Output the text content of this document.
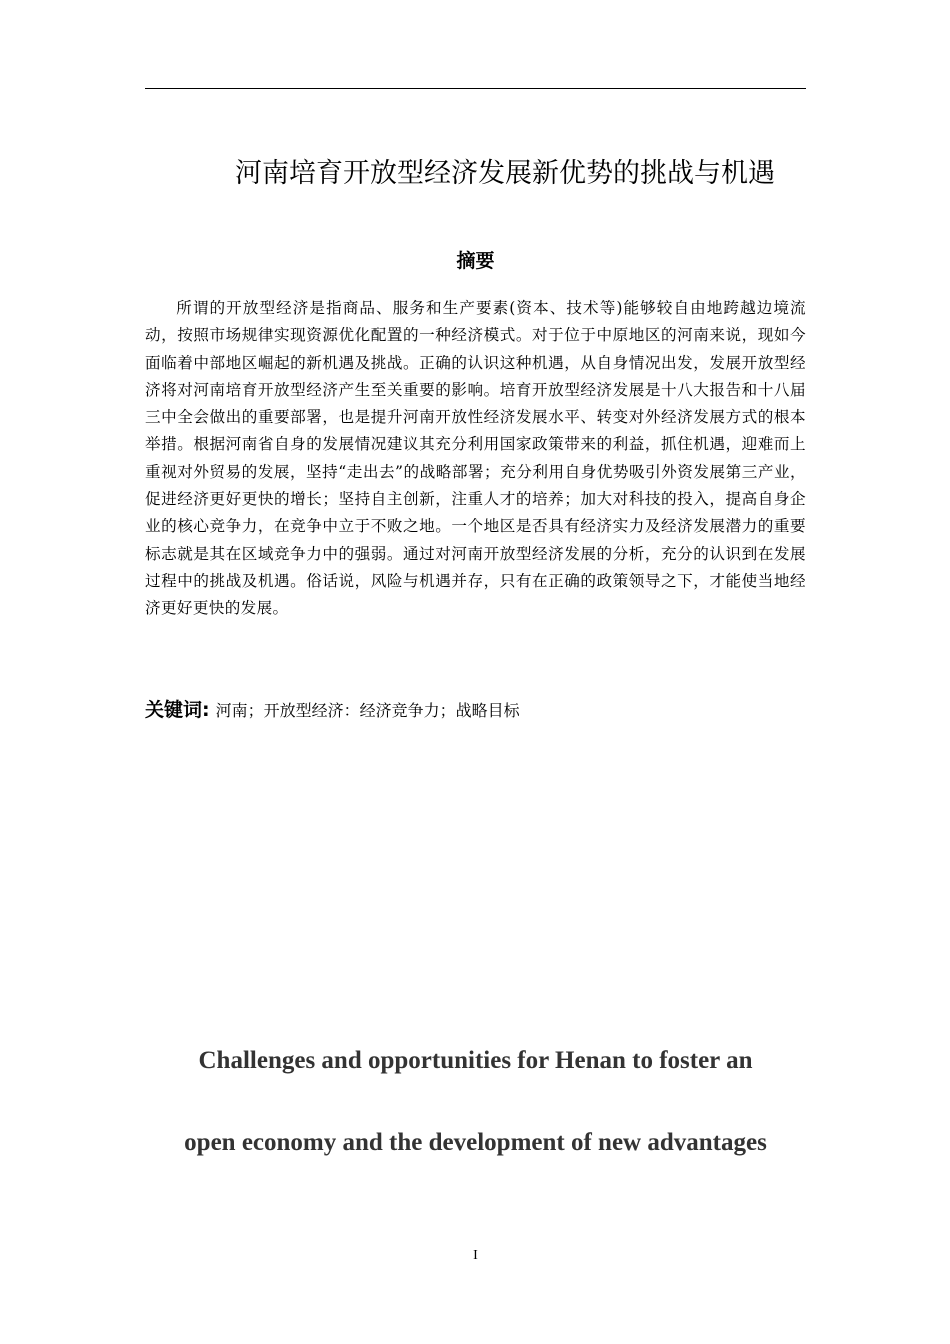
河南培育开放型经济发展新优势的挑战与机遇
摘要

所谓的开放型经济是指商品、服务和生产要素(资本、技术等)能够较自由地跨越边境流动，按照市场规律实现资源优化配置的一种经济模式。对于位于中原地区的河南来说，现如今面临着中部地区崛起的新机遇及挑战。正确的认识这种机遇，从自身情况出发，发展开放型经济将对河南培育开放型经济产生至关重要的影响。培育开放型经济发展是十八大报告和十八届三中全会做出的重要部署，也是提升河南开放性经济发展水平、转变对外经济发展方式的根本举措。根据河南省自身的发展情况建议其充分利用国家政策带来的利益，抓住机遇，迎难而上重视对外贸易的发展，坚持“走出去”的战略部署；充分利用自身优势吸引外资发展第三产业，促进经济更好更快的增长；坚持自主创新，注重人才的培养；加大对科技的投入，提高自身企业的核心竞争力，在竞争中立于不败之地。一个地区是否具有经济实力及经济发展潜力的重要标志就是其在区域竞争力中的强弱。通过对河南开放型经济发展的分析，充分的认识到在发展过程中的挑战及机遇。俗话说，风险与机遇并存，只有在正确的政策领导之下，才能使当地经济更好更快的发展。

关键词: 河南；开放型经济：经济竞争力；战略目标

Challenges and opportunities for Henan to foster an
open economy and the development of new advantages
I
